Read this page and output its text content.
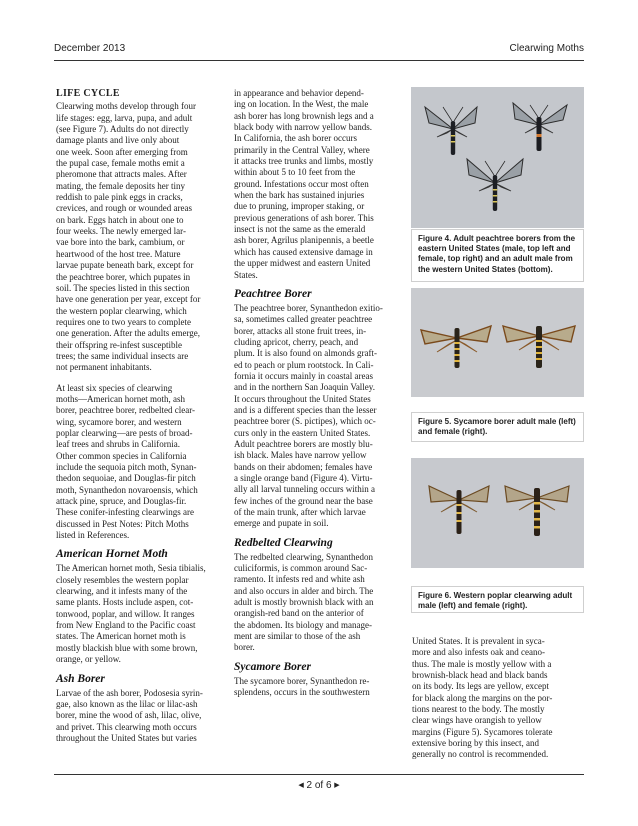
December 2013	Clearwing Moths
LIFE CYCLE
Clearwing moths develop through four
life stages: egg, larva, pupa, and adult
(see Figure 7). Adults do not directly
damage plants and live only about
one week. Soon after emerging from
the pupal case, female moths emit a
pheromone that attracts males. After
mating, the female deposits her tiny
reddish to pale pink eggs in cracks,
crevices, and rough or wounded areas
on bark. Eggs hatch in about one to
four weeks. The newly emerged lar-
vae bore into the bark, cambium, or
heartwood of the host tree. Mature
larvae pupate beneath bark, except for
the peachtree borer, which pupates in
soil. The species listed in this section
have one generation per year, except for
the western poplar clearwing, which
requires one to two years to complete
one generation. After the adults emerge,
their offspring re-infest susceptible
trees; the same individual insects are
not permanent inhabitants.
At least six species of clearwing
moths—American hornet moth, ash
borer, peachtree borer, redbelted clear-
wing, sycamore borer, and western
poplar clearwing—are pests of broad-
leaf trees and shrubs in California.
Other common species in California
include the sequoia pitch moth, Synan-
thedon sequoiae, and Douglas-fir pitch
moth, Synanthedon novaroensis, which
attack pine, spruce, and Douglas-fir.
These conifer-infesting clearwings are
discussed in Pest Notes: Pitch Moths
listed in References.
American Hornet Moth
The American hornet moth, Sesia tibialis,
closely resembles the western poplar
clearwing, and it infests many of the
same plants. Hosts include aspen, cot-
tonwood, poplar, and willow. It ranges
from New England to the Pacific coast
states. The American hornet moth is
mostly blackish blue with some brown,
orange, or yellow.
Ash Borer
Larvae of the ash borer, Podosesia syrin-
gae, also known as the lilac or lilac-ash
borer, mine the wood of ash, lilac, olive,
and privet. This clearwing moth occurs
throughout the United States but varies
in appearance and behavior depend-
ing on location. In the West, the male
ash borer has long brownish legs and a
black body with narrow yellow bands.
In California, the ash borer occurs
primarily in the Central Valley, where
it attacks tree trunks and limbs, mostly
within about 5 to 10 feet from the
ground. Infestations occur most often
when the bark has sustained injuries
due to pruning, improper staking, or
previous generations of ash borer. This
insect is not the same as the emerald
ash borer, Agrilus planipennis, a beetle
which has caused extensive damage in
the upper midwest and eastern United
States.
Peachtree Borer
The peachtree borer, Synanthedon exitio-
sa, sometimes called greater peachtree
borer, attacks all stone fruit trees, in-
cluding apricot, cherry, peach, and
plum. It is also found on almonds graft-
ed to peach or plum rootstock. In Cali-
fornia it occurs mainly in coastal areas
and in the northern San Joaquin Valley.
It occurs throughout the United States
and is a different species than the lesser
peachtree borer (S. pictipes), which oc-
curs only in the eastern United States.
Adult peachtree borers are mostly blu-
ish black. Males have narrow yellow
bands on their abdomen; females have
a single orange band (Figure 4). Virtu-
ally all larval tunneling occurs within a
few inches of the ground near the base
of the main trunk, after which larvae
emerge and pupate in soil.
Redbelted Clearwing
The redbelted clearwing, Synanthedon
culiciformis, is common around Sac-
ramento. It infests red and white ash
and also occurs in alder and birch. The
adult is mostly brownish black with an
orangish-red band on the anterior of
the abdomen. Its biology and manage-
ment are similar to those of the ash
borer.
Sycamore Borer
The sycamore borer, Synanthedon re-
splendens, occurs in the southwestern
Figure 4. Adult peachtree borers from the eastern United States (male, top left and female, top right) and an adult male from the western United States (bottom).
Figure 5. Sycamore borer adult male (left) and female (right).
Figure 6. Western poplar clearwing adult male (left) and female (right).
United States. It is prevalent in syca-
more and also infests oak and ceano-
thus. The male is mostly yellow with a
brownish-black head and black bands
on its body. Its legs are yellow, except
for black along the margins on the por-
tions nearest to the body. The mostly
clear wings have orangish to yellow
margins (Figure 5). Sycamores tolerate
extensive boring by this insect, and
generally no control is recommended.
◀ 2 of 6 ▶
